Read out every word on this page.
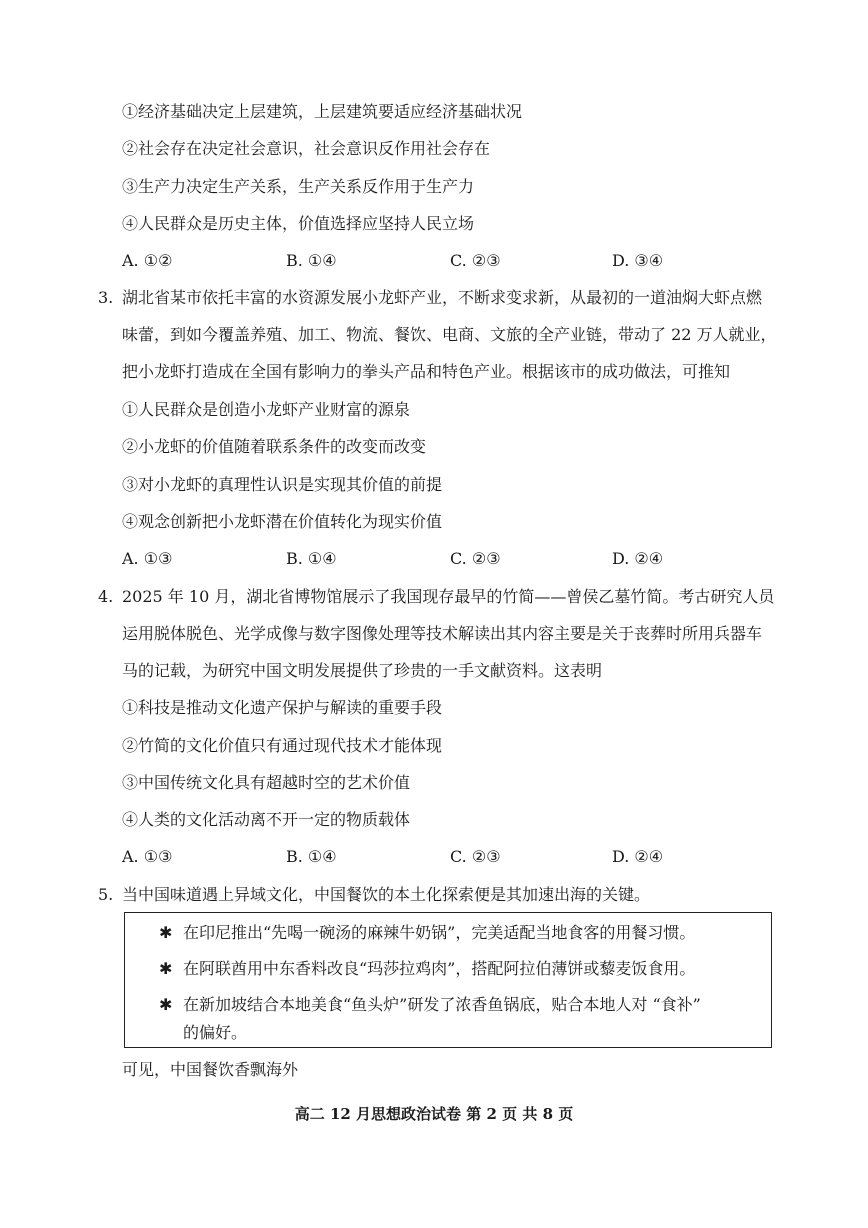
①经济基础决定上层建筑，上层建筑要适应经济基础状况
②社会存在决定社会意识，社会意识反作用社会存在
③生产力决定生产关系，生产关系反作用于生产力
④人民群众是历史主体，价值选择应坚持人民立场
A. ①②	B. ①④	C. ②③	D. ③④
3. 湖北省某市依托丰富的水资源发展小龙虾产业，不断求变求新，从最初的一道油焖大虾点燃
味蕾，到如今覆盖养殖、加工、物流、餐饮、电商、文旅的全产业链，带动了 22 万人就业，
把小龙虾打造成在全国有影响力的拳头产品和特色产业。根据该市的成功做法，可推知
①人民群众是创造小龙虾产业财富的源泉
②小龙虾的价值随着联系条件的改变而改变
③对小龙虾的真理性认识是实现其价值的前提
④观念创新把小龙虾潜在价值转化为现实价值
A. ①③	B. ①④	C. ②③	D. ②④
4. 2025 年 10 月，湖北省博物馆展示了我国现存最早的竹简——曾侯乙墓竹简。考古研究人员
运用脱体脱色、光学成像与数字图像处理等技术解读出其内容主要是关于丧葬时所用兵器车
马的记载，为研究中国文明发展提供了珍贵的一手文献资料。这表明
①科技是推动文化遗产保护与解读的重要手段
②竹简的文化价值只有通过现代技术才能体现
③中国传统文化具有超越时空的艺术价值
④人类的文化活动离不开一定的物质载体
A. ①③	B. ①④	C. ②③	D. ②④
5. 当中国味道遇上异域文化，中国餐饮的本土化探索便是其加速出海的关键。
✱ 在印尼推出“先喝一碗汤的麻辣牛奶锅”，完美适配当地食客的用餐习惯。
✱ 在阿联酋用中东香料改良“玛莎拉鸡肉”，搭配阿拉伯薄饼或藜麦饭食用。
✱ 在新加坡结合本地美食“鱼头炉”研发了浓香鱼锅底，贴合本地人对 “食补”
的偏好。
可见，中国餐饮香飘海外
高二 12 月思想政治试卷 第 2 页 共 8 页
